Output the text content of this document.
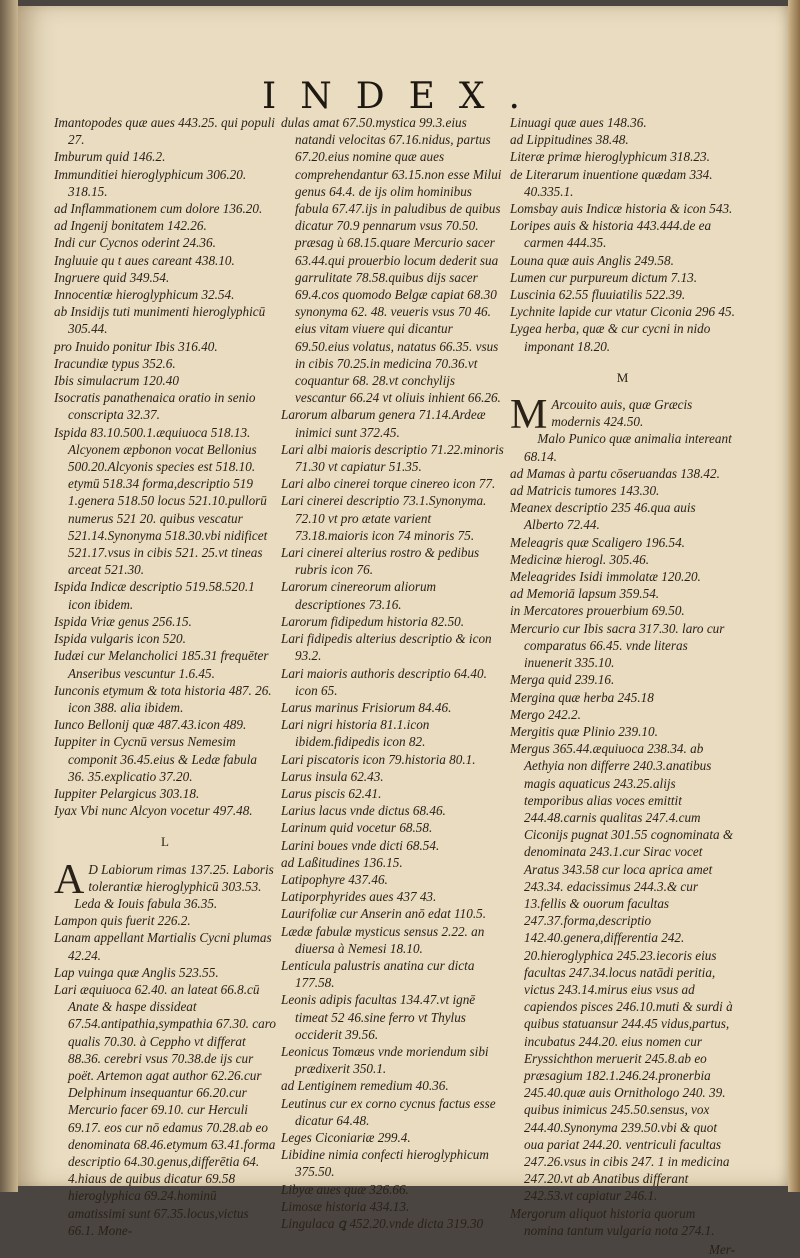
INDEX.

Imantopodes quæ aues 443.25. qui populi 27.

Imburum quid 146.2.

Immunditiei hieroglyphicum 306.20. 318.15.

ad Inflammationem cum dolore 136.20.

ad Ingenij bonitatem 142.26.

Indi cur Cycnos oderint 24.36.

Ingluuie qu t aues careant 438.10.

Ingruere quid 349.54.

Innocentiæ hieroglyphicum 32.54.

ab Insidijs tuti munimenti hieroglyphicū 305.44.

pro Inuido ponitur Ibis 316.40.

Iracundiæ typus 352.6.

Ibis simulacrum 120.40

Isocratis panathenaica oratio in senio conscripta 32.37.

Ispida 83.10.500.1.æquiuoca 518.13. Alcyonem æpbonon vocat Bellonius 500.20.Alcyonis species est 518.10. etymū 518.34 forma,descriptio 519 1.genera 518.50 locus 521.10.pullorū numerus 521 20. quibus vescatur 521.14.Synonyma 518.30.vbi nidificet 521.17.vsus in cibis 521. 25.vt tineas arceat 521.30.

Ispida Indicæ descriptio 519.58.520.1 icon ibidem.

Ispida Vriæ genus 256.15.

Ispida vulgaris icon 520.

Iudæi cur Melancholici 185.31 frequēter Anseribus vescuntur 1.6.45.

Iunconis etymum & tota historia 487. 26. icon 388. alia ibidem.

Iunco Bellonij quæ 487.43.icon 489.

Iuppiter in Cycnū versus Nemesim componit 36.45.eius & Ledæ fabula 36. 35.explicatio 37.20.

Iuppiter Pelargicus 303.18.

Iyax Vbi nunc Alcyon vocetur 497.48.

L

A D Labiorum rimas 137.25. Laboris tolerantiæ hieroglyphicū 303.53.

Leda & Iouis fabula 36.35.

Lampon quis fuerit 226.2.

Lanam appellant Martialis Cycni plumas 42.24.

Lap vuinga quæ Anglis 523.55.

Lari æquiuoca 62.40. an lateat 66.8.cū Anate & haspe dissideat 67.54.antipathia,sympathia 67.30. caro qualis 70.30. à Ceppho vt differat 88.36. cerebri vsus 70.38.de ijs cur poët. Artemon agat author 62.26.cur Delphinum insequantur 66.20.cur Mercurio facer 69.10. cur Herculi 69.17. eos cur nō edamus 70.28.ab eo denominata 68.46.etymum 63.41.forma descriptio 64.30.genus,differētia 64. 4.hiaus de quibus dicatur 69.58 hieroglyphica 69.24.hominū amatissimi sunt 67.35.locus,victus 66.1. Mone-

dulas amat 67.50.mystica 99.3.eius natandi velocitas 67.16.nidus, partus 67.20.eius nomine quæ aues comprehendantur 63.15.non esse Milui genus 64.4. de ijs olim hominibus fabula 67.47.ijs in paludibus de quibus dicatur 70.9 pennarum vsus 70.50. præsag ù 68.15.quare Mercurio sacer 63.44.qui prouerbio locum dederit sua garrulitate 78.58.quibus dijs sacer 69.4.cos quomodo Belgæ capiat 68.30 synonyma 62. 48. veueris vsus 70 46. eius vitam viuere qui dicantur 69.50.eius volatus, natatus 66.35. vsus in cibis 70.25.in medicina 70.36.vt coquantur 68. 28.vt conchylijs vescantur 66.24 vt oliuis inhient 66.26.

Larorum albarum genera 71.14.Ardeæ inimici sunt 372.45.

Lari albi maioris descriptio 71.22.minoris 71.30 vt capiatur 51.35.

Lari albo cinerei torque cinereo icon 77.

Lari cinerei descriptio 73.1.Synonyma. 72.10 vt pro ætate varient 73.18.maioris icon 74 minoris 75.

Lari cinerei alterius rostro & pedibus rubris icon 76.

Larorum cinereorum aliorum descriptiones 73.16.

Larorum fidipedum historia 82.50.

Lari fidipedis alterius descriptio & icon 93.2.

Lari maioris authoris descriptio 64.40. icon 65.

Larus marinus Frisiorum 84.46.

Lari nigri historia 81.1.icon ibidem.fidipedis icon 82.

Lari piscatoris icon 79.historia 80.1.

Larus insula 62.43.

Larus piscis 62.41.

Larius lacus vnde dictus 68.46.

Larinum quid vocetur 68.58.

Larini boues vnde dicti 68.54.

ad Laßitudines 136.15.

Latipophyre 437.46.

Latiporphyrides aues 437 43.

Laurifoliæ cur Anserin anō edat 110.5.

Lædæ fabulæ mysticus sensus 2.22. an diuersa à Nemesi 18.10.

Lenticula palustris anatina cur dicta 177.58.

Leonis adipis facultas 134.47.vt ignē timeat 52 46.sine ferro vt Thylus occiderit 39.56.

Leonicus Tomæus vnde moriendum sibi prædixerit 350.1.

ad Lentiginem remedium 40.36.

Leutinus cur ex corno cycnus factus esse dicatur 64.48.

Leges Ciconiariæ 299.4.

Libidine nimia confecti hieroglyphicum 375.50.

Libyæ aues quæ 326.66.

Limosæ historia 434.13.

Lingulaca ꝗ 452.20.vnde dicta 319.30

Linuagi quæ aues 148.36.

ad Lippitudines 38.48.

Literæ primæ hieroglyphicum 318.23.

de Literarum inuentione quædam 334. 40.335.1.

Lomsbay auis Indicæ historia & icon 543.

Loripes auis & historia 443.444.de ea carmen 444.35.

Louna quæ auis Anglis 249.58.

Lumen cur purpureum dictum 7.13.

Luscinia 62.55 fluuiatilis 522.39.

Lychnite lapide cur vtatur Ciconia 296 45.

Lygea herba, quæ & cur cycni in nido imponant 18.20.

M

M Arcouito auis, quæ Græcis modernis 424.50.

Malo Punico quæ animalia intereant 68.14.

ad Mamas à partu cōseruandas 138.42.

ad Matricis tumores 143.30.

Meanex descriptio 235 46.qua auis Alberto 72.44.

Meleagris quæ Scaligero 196.54.

Medicinæ hierogl. 305.46.

Meleagrides Isidi immolatæ 120.20.

ad Memoriā lapsum 359.54.

in Mercatores prouerbium 69.50.

Mercurio cur Ibis sacra 317.30. laro cur comparatus 66.45. vnde literas inuenerit 335.10.

Merga quid 239.16.

Mergina quæ herba 245.18

Mergo 242.2.

Mergitis quæ Plinio 239.10.

Mergus 365.44.æquiuoca 238.34. ab Aethyia non differre 240.3.anatibus magis aquaticus 243.25.alijs temporibus alias voces emittit 244.48.carnis qualitas 247.4.cum Ciconijs pugnat 301.55 cognominata & denominata 243.1.cur Sirac vocet Aratus 343.58 cur loca aprica amet 243.34. edacissimus 244.3.& cur 13.fellis & ouorum facultas 247.37.forma,descriptio 142.40.genera,differentia 242. 20.hieroglyphica 245.23.iecoris eius facultas 247.34.locus natādi peritia, victus 243.14.mirus eius vsus ad capiendos pisces 246.10.muti & surdi à quibus statuansur 244.45 vidus,partus, incubatus 244.20. eius nomen cur Eryssichthon meruerit 245.8.ab eo præsagium 182.1.246.24.pronerbia 245.40.quæ auis Ornithologo 240. 39. quibus inimicus 245.50.sensus, vox 244.40.Synonyma 239.50.vbi & quot oua pariat 244.20. ventriculi facultas 247.26.vsus in cibis 247. 1 in medicina 247.20.vt ab Anatibus differant 242.53.vt capiatur 246.1.

Mergorum aliquot historia quorum nomina tantum vulgaria nota 274.1.

Mer-
